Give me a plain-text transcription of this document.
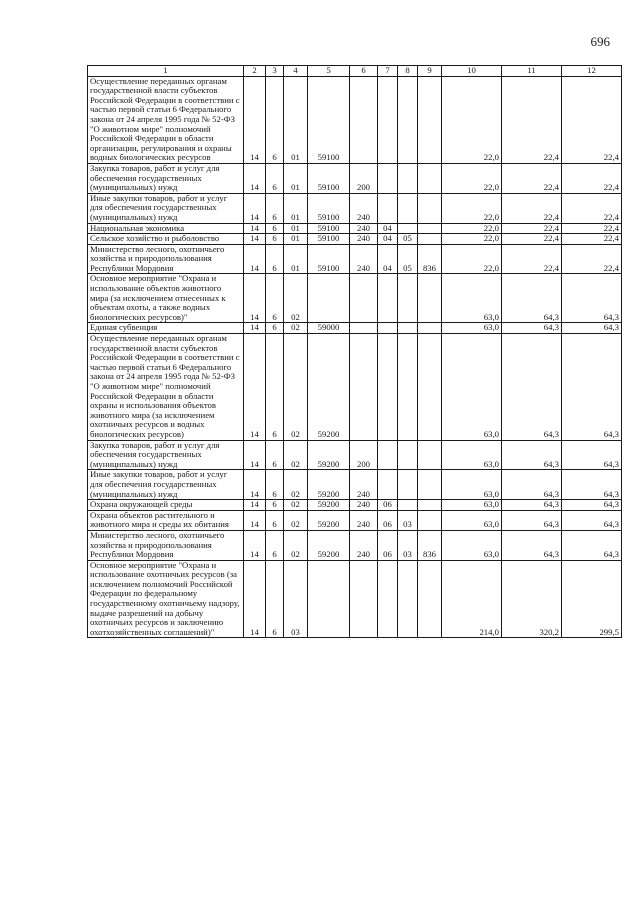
696
1	2	3	4	5	6	7	8	9	10	11	12
Осуществление переданных органам государственной власти субъектов Российской Федерации в соответствии с частью первой статьи 6 Федерального закона от 24 апреля 1995 года № 52-ФЗ "О животном мире" полномочий Российской Федерации в области организации, регулирования и охраны водных биологических ресурсов	14	6	01	59100					22,0	22,4	22,4
Закупка товаров, работ и услуг для обеспечения государственных (муниципальных) нужд	14	6	01	59100	200				22,0	22,4	22,4
Иные закупки товаров, работ и услуг для обеспечения государственных (муниципальных) нужд	14	6	01	59100	240				22,0	22,4	22,4
Национальная экономика	14	6	01	59100	240	04			22,0	22,4	22,4
Сельское хозяйство и рыболовство	14	6	01	59100	240	04	05		22,0	22,4	22,4
Министерство лесного, охотничьего хозяйства и природопользования Республики Мордовия	14	6	01	59100	240	04	05	836	22,0	22,4	22,4
Основное мероприятие "Охрана и использование объектов животного мира (за исключением отнесенных к объектам охоты, а также водных биологических ресурсов)"	14	6	02						63,0	64,3	64,3
Единая субвенция	14	6	02	59000					63,0	64,3	64,3
Осуществление переданных органам государственной власти субъектов Российской Федерации в соответствии с частью первой статьи 6 Федерального закона от 24 апреля 1995 года № 52-ФЗ "О животном мире" полномочий Российской Федерации в области охраны и использования объектов животного мира (за исключением охотничьих ресурсов и водных биологических ресурсов)	14	6	02	59200					63,0	64,3	64,3
Закупка товаров, работ и услуг для обеспечения государственных (муниципальных) нужд	14	6	02	59200	200				63,0	64,3	64,3
Иные закупки товаров, работ и услуг для обеспечения государственных (муниципальных) нужд	14	6	02	59200	240				63,0	64,3	64,3
Охрана окружающей среды	14	6	02	59200	240	06			63,0	64,3	64,3
Охрана объектов растительного и животного мира и среды их обитания	14	6	02	59200	240	06	03		63,0	64,3	64,3
Министерство лесного, охотничьего хозяйства и природопользования Республики Мордовия	14	6	02	59200	240	06	03	836	63,0	64,3	64,3
Основное мероприятие "Охрана и использование охотничьих ресурсов (за исключением полномочий Российской Федерации по федеральному государственному охотничьему надзору, выдаче разрешений на добычу охотничьих ресурсов и заключению охотхозяйственных соглашений)"	14	6	03						214,0	320,2	299,5
